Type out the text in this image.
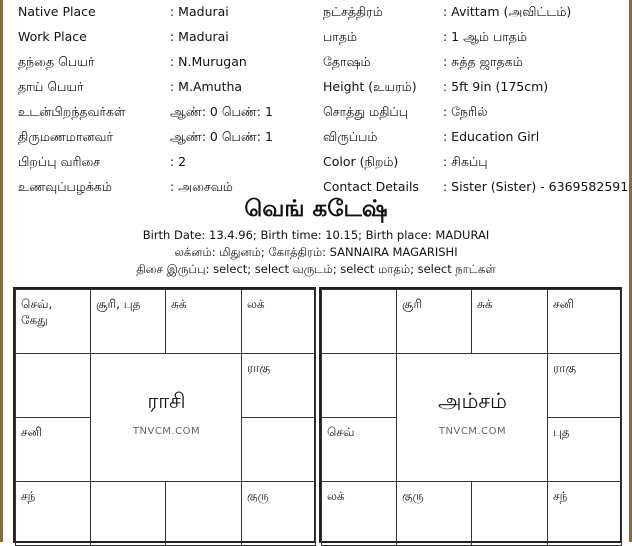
Native Place	: Madurai	நட்சத்திரம்	: Avittam (அவிட்டம்)
Work Place	: Madurai	பாதம்	: 1 ஆம் பாதம்
தந்தை பெயர்	: N.Murugan	தோஷம்	: சுத்த ஜாதகம்
தாய் பெயர்	: M.Amutha	Height (உயரம்) : 5ft 9in (175cm)
உடன்பிறந்தவர்கள்	ஆண்: 0 பெண்: 1	சொத்து மதிப்பு	: நேரில்
திருமணமானவர்	ஆண்: 0 பெண்: 1	விருப்பம்	: Education Girl
பிறப்பு வரிசை	: 2	Color (நிறம்)	: சிகப்பு
உணவுப்பழக்கம்	: அசைவம்	Contact Details : Sister (Sister) - 6369582591
வெங் கடேஷ்
Birth Date: 13.4.96; Birth time: 10.15; Birth place: MADURAI
லக்னம்: மிதுனம்; கோத்திரம்: SANNAIRA MAGARISHI
திசை இருப்பு: select; select வருடம்; select மாதம்; select நாட்கள்
ராசி
TNVCM.COM
செவ்,
கேது
சூரி, புத	சுக்	லக்
ராகு
குரு
சந்
சனி
அம்சம்
TNVCM.COM
சூரி	சுக்	சனி
ராகு
புத
சந்
குரு
லக்
செவ்
